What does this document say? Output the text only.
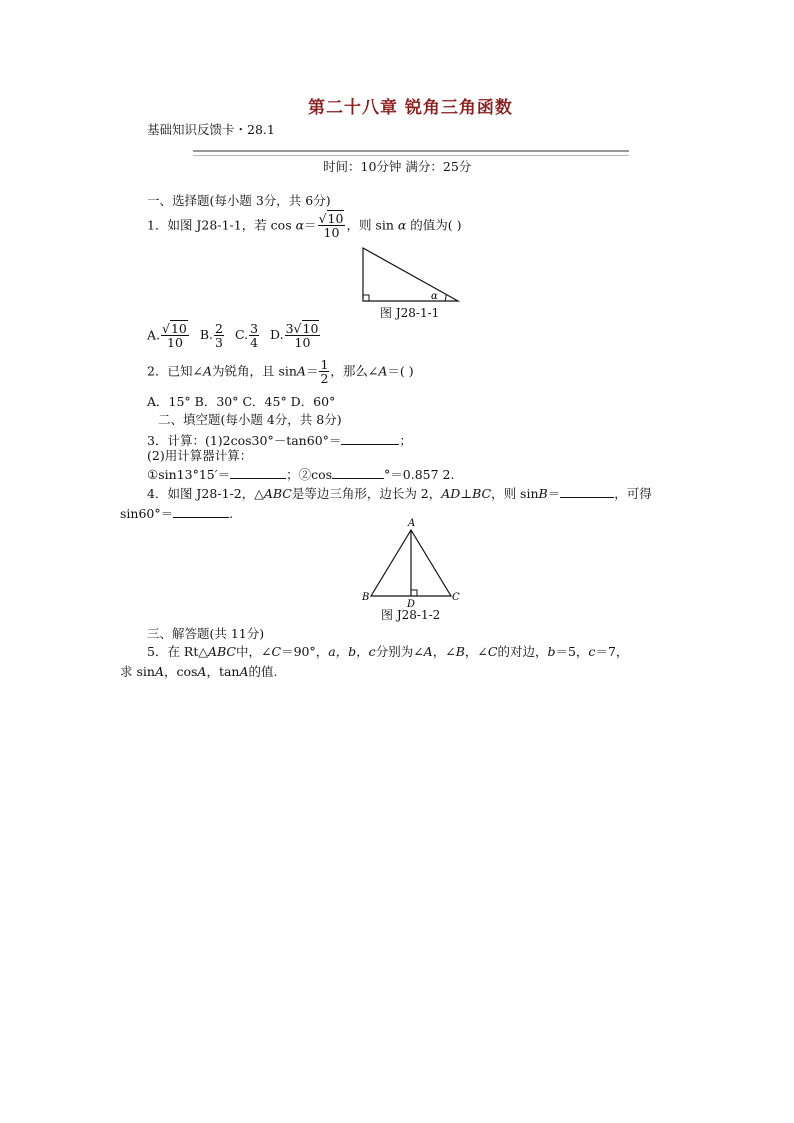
第二十八章 锐角三角函数
基础知识反馈卡・28.1
时间：10分钟 满分：25分
一、选择题(每小题 3分，共 6分)
1．如图 J28-1-1，若 $\cos \alpha= \frac{√10}{10}$ ，则 sin α 的值为( )
α
图 J28-1-1
A. $\frac{√10}{10} B$. $\frac{2}{3} C$. $\frac{3}{4} D$. $\frac{3√10}{10}$
2．已知∠A为锐角，且 $\sin A= \frac{1}{2}$ ，那么∠A＝( )
A．15° B．30° C．45° D．60°
二、填空题(每小题 4分，共 8分)
3．计算：(1)2cos30°－tan60°＝	；
(2)用计算器计算：
①sin13°15′＝	；②cos	°＝0.857 2.
4．如图 J28-1-2，△ABC是等边三角形，边长为 2，AD⊥BC，则 sinB＝	，可得
sin60°＝	.
A
B	C
D
图 J28-1-2
三、解答题(共 11分)
5．在 Rt△ABC中，∠C＝90°，a，b，c分别为∠A，∠B，∠C的对边，b＝5，c＝7，
求 sinA，cosA，tanA的值.
